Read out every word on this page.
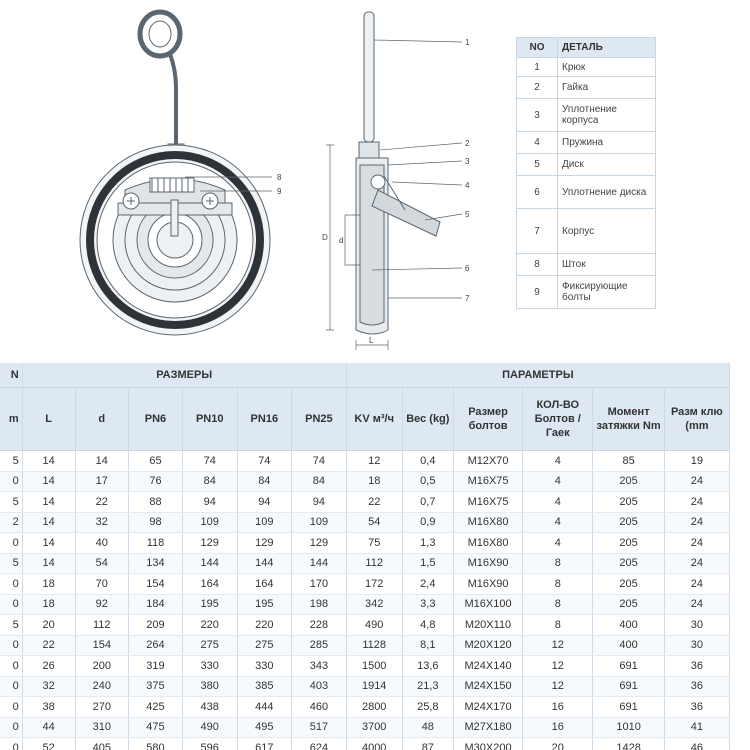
8
9
D d
L
1
2
3
4
5
6
7
NO	ДЕТАЛЬ
1	Крюк
2	Гайка
3	Уплотнение корпуса
4	Пружина
5	Диск
6	Уплотнение диска
7	Корпус
8	Шток
9	Фиксирующие болты
N	РАЗМЕРЫ						ПАРАМЕТРЫ					
m	L	d	PN6	PN10	PN16	PN25	KV м³/ч	Вес (kg)	Размер болтов	КОЛ-ВО Болтов / Гаек	Момент затяжки Nm	Разм клю (mm
5	14	14	65	74	74	74	12	0,4	M12X70	4	85	19
0	14	17	76	84	84	84	18	0,5	M16X75	4	205	24
5	14	22	88	94	94	94	22	0,7	M16X75	4	205	24
2	14	32	98	109	109	109	54	0,9	M16X80	4	205	24
0	14	40	118	129	129	129	75	1,3	M16X80	4	205	24
5	14	54	134	144	144	144	112	1,5	M16X90	8	205	24
0	18	70	154	164	164	170	172	2,4	M16X90	8	205	24
0	18	92	184	195	195	198	342	3,3	M16X100	8	205	24
5	20	112	209	220	220	228	490	4,8	M20X110	8	400	30
0	22	154	264	275	275	285	1128	8,1	M20X120	12	400	30
0	26	200	319	330	330	343	1500	13,6	M24X140	12	691	36
0	32	240	375	380	385	403	1914	21,3	M24X150	12	691	36
0	38	270	425	438	444	460	2800	25,8	M24X170	16	691	36
0	44	310	475	490	495	517	3700	48	M27X180	16	1010	41
0	52	405	580	596	617	624	4000	87	M30X200	20	1428	46
